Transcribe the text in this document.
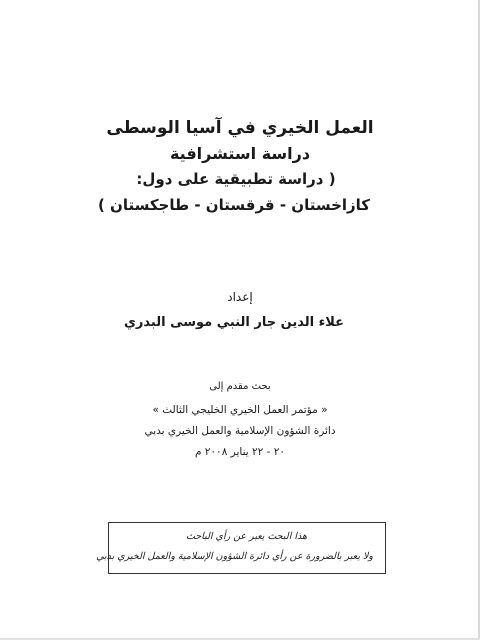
العمل الخيري في آسيا الوسطى
دراسة استشرافية
( دراسة تطبيقية على دول:
كازاخستان - قرقستان - طاجكستان )
إعداد
علاء الدين جار النبي موسى البدري
بحث مقدم إلى
« مؤتمر العمل الخيري الخليجي الثالث »
دائرة الشؤون الإسلامية والعمل الخيري بدبي
٢٠ - ٢٢ يناير ٢٠٠٨ م
هذا البحث يعبر عن رأي الباحث
ولا يعبر بالضرورة عن رأي دائرة الشؤون الإسلامية والعمل الخيري بدبي
